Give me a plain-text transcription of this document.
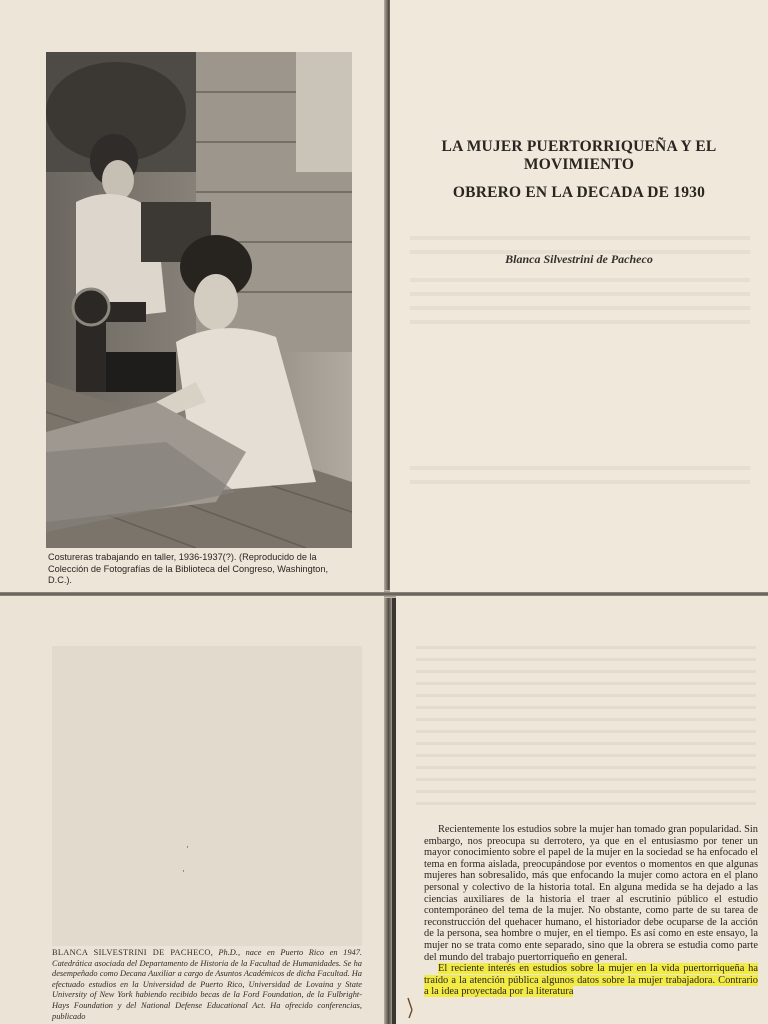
Costureras trabajando en taller, 1936-1937(?). (Reproducido de la Colección de Fotografías de la Biblioteca del Congreso, Washington, D.C.).
LA MUJER PUERTORRIQUEÑA Y EL MOVIMIENTO
OBRERO EN LA DECADA DE 1930
Blanca Silvestrini de Pacheco
·
·
BLANCA SILVESTRINI DE PACHECO, Ph.D., nace en Puerto Rico en 1947. Catedrática asociada del Departamento de Historia de la Facultad de Humanidades. Se ha desempeñado como Decana Auxiliar a cargo de Asuntos Académicos de dicha Facultad. Ha efectuado estudios en la Universidad de Puerto Rico, Universidad de Lovaina y State University of New York habiendo recibido becas de la Ford Foundation, de la Fulbright-Hays Foundation y del National Defense Educational Act. Ha ofrecido conferencias, publicado

Recientemente los estudios sobre la mujer han tomado gran popularidad. Sin embargo, nos preocupa su derrotero, ya que en el entusiasmo por tener un mayor conocimiento sobre el papel de la mujer en la sociedad se ha enfocado el tema en forma aislada, preocupándose por eventos o momentos en que algunas mujeres han sobresalido, más que enfocando la mujer como actora en el plano personal y colectivo de la historia total. En alguna medida se ha dejado a las ciencias auxiliares de la historia el traer al escrutinio público el estudio contemporáneo del tema de la mujer. No obstante, como parte de su tarea de reconstrucción del quehacer humano, el historiador debe ocuparse de la acción de la persona, sea hombre o mujer, en el tiempo. Es así como en este ensayo, la mujer no se trata como ente separado, sino que la obrera se estudia como parte del mundo del trabajo puertorriqueño en general.

El reciente interés en estudios sobre la mujer en la vida puertorriqueña ha traído a la atención pública algunos datos sobre la mujer trabajadora. Contrario a la idea proyectada por la literatura
